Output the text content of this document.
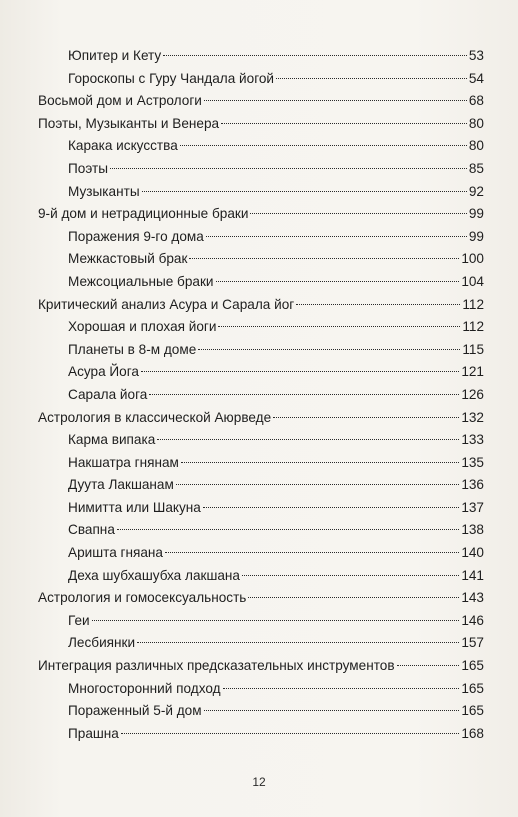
Юпитер и Кету	53
Гороскопы с Гуру Чандала йогой	54
Восьмой дом и Астрологи	68
Поэты, Музыканты и Венера	80
Карака искусства	80
Поэты	85
Музыканты	92
9-й дом и нетрадиционные браки	99
Поражения 9-го дома	99
Межкастовый брак	100
Межсоциальные браки	104
Критический анализ Асура и Сарала йог	112
Хорошая и плохая йоги	112
Планеты в 8-м доме	115
Асура Йога	121
Сарала йога	126
Астрология в классической Аюрведе	132
Карма випака	133
Накшатра гнянам	135
Дуута Лакшанам	136
Нимитта или Шакуна	137
Свапна	138
Аришта гняана	140
Деха шубхашубха лакшана	141
Астрология и гомосексуальность	143
Геи	146
Лесбиянки	157
Интеграция различных предсказательных инструментов	165
Многосторонний подход	165
Пораженный 5-й дом	165
Прашна	168
12
